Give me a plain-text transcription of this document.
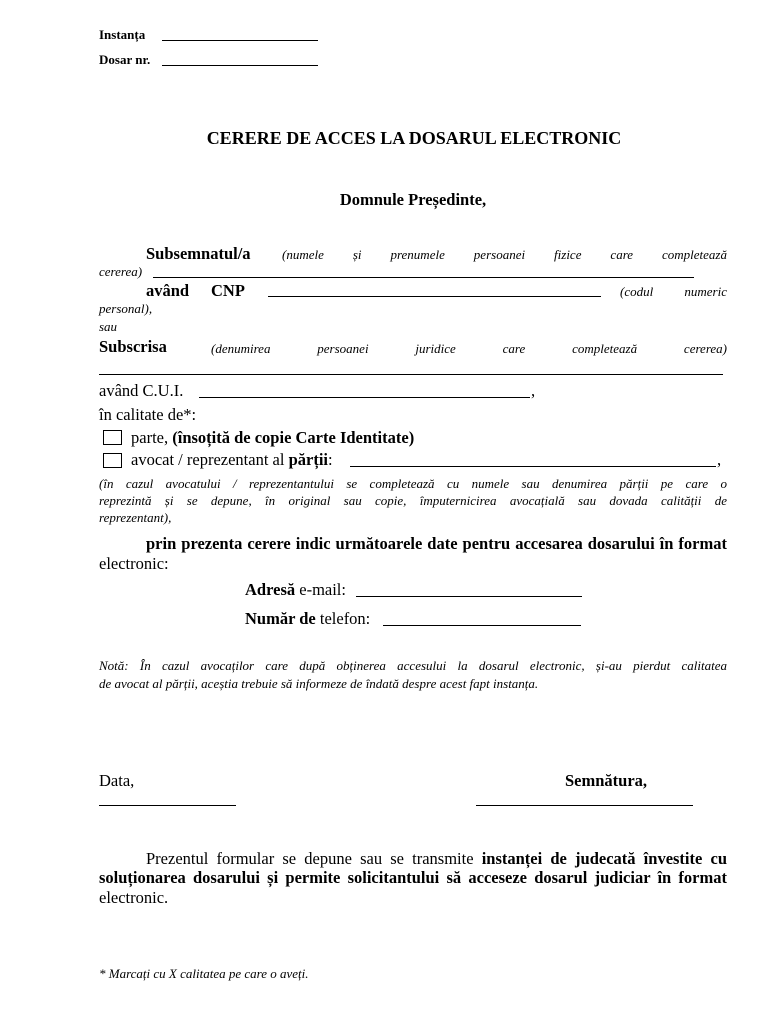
Instanța
Dosar nr.
CERERE DE ACCES LA DOSARUL ELECTRONIC
Domnule Președinte,
Subsemnatul/a (numele și prenumele persoanei fizice care completează
cererea)
având CNP	(codul numeric
personal),
sau
Subscrisa	(denumirea persoanei juridice care completează cererea)
având C.U.I.	,
în calitate de*:
parte, (însoțită de copie Carte Identitate)
avocat / reprezentant al părții:	,
(în cazul avocatului / reprezentantului se completează cu numele sau denumirea părții pe care o
reprezintă și se depune, în original sau copie, împuternicirea avocațială sau dovada calității de
reprezentant),
prin prezenta cerere indic următoarele date pentru accesarea dosarului în format
electronic:
Adresă e-mail:
Număr de telefon:
Notă: În cazul avocaților care după obținerea accesului la dosarul electronic, și-au pierdut calitatea
de avocat al părții, aceștia trebuie să informeze de îndată despre acest fapt instanța.
Data,	Semnătura,
Prezentul formular se depune sau se transmite instanței de judecată învestite cu
soluționarea dosarului și permite solicitantului să acceseze dosarul judiciar în format
electronic.
* Marcați cu X calitatea pe care o aveți.
